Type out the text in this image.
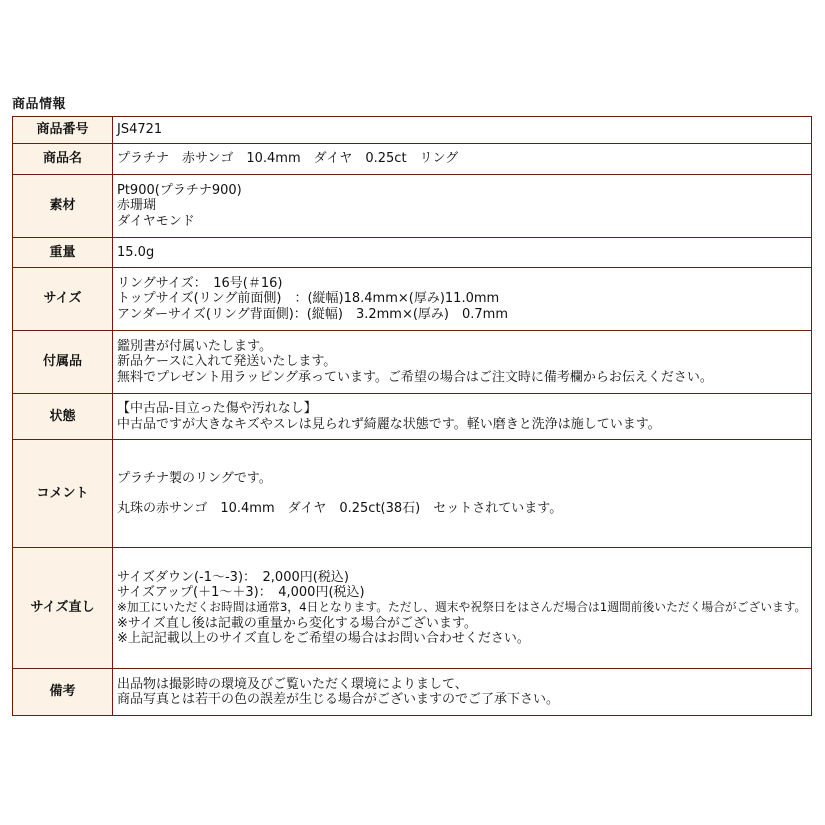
商品情報
商品番号	JS4721

商品名	プラチナ　赤サンゴ　10.4mm　ダイヤ　0.25ct　リング

素材	Pt900(プラチナ900)
赤珊瑚
ダイヤモンド

重量	15.0g

サイズ	リングサイズ：　16号(＃16)
トップサイズ(リング前面側)　：(縦幅)18.4mm×(厚み)11.0mm
アンダーサイズ(リング背面側)：(縦幅)　3.2mm×(厚み)　0.7mm

付属品	鑑別書が付属いたします。
新品ケースに入れて発送いたします。
無料でプレゼント用ラッピング承っています。ご希望の場合はご注文時に備考欄からお伝えください。

状態	【中古品-目立った傷や汚れなし】
中古品ですが大きなキズやスレは見られず綺麗な状態です。軽い磨きと洗浄は施しています。

コメント	プラチナ製のリングです。
丸珠の赤サンゴ　10.4mm　ダイヤ　0.25ct(38石)　セットされています。

サイズ直し	サイズダウン(-1～-3)：　2,000円(税込)
サイズアップ(＋1～＋3)：　4,000円(税込)
※加工にいただくお時間は通常3，4日となります。ただし、週末や祝祭日をはさんだ場合は1週間前後いただく場合がございます。
※サイズ直し後は記載の重量から変化する場合がございます。
※上記記載以上のサイズ直しをご希望の場合はお問い合わせください。

備考	出品物は撮影時の環境及びご覧いただく環境によりまして、
商品写真とは若干の色の誤差が生じる場合がございますのでご了承下さい。
